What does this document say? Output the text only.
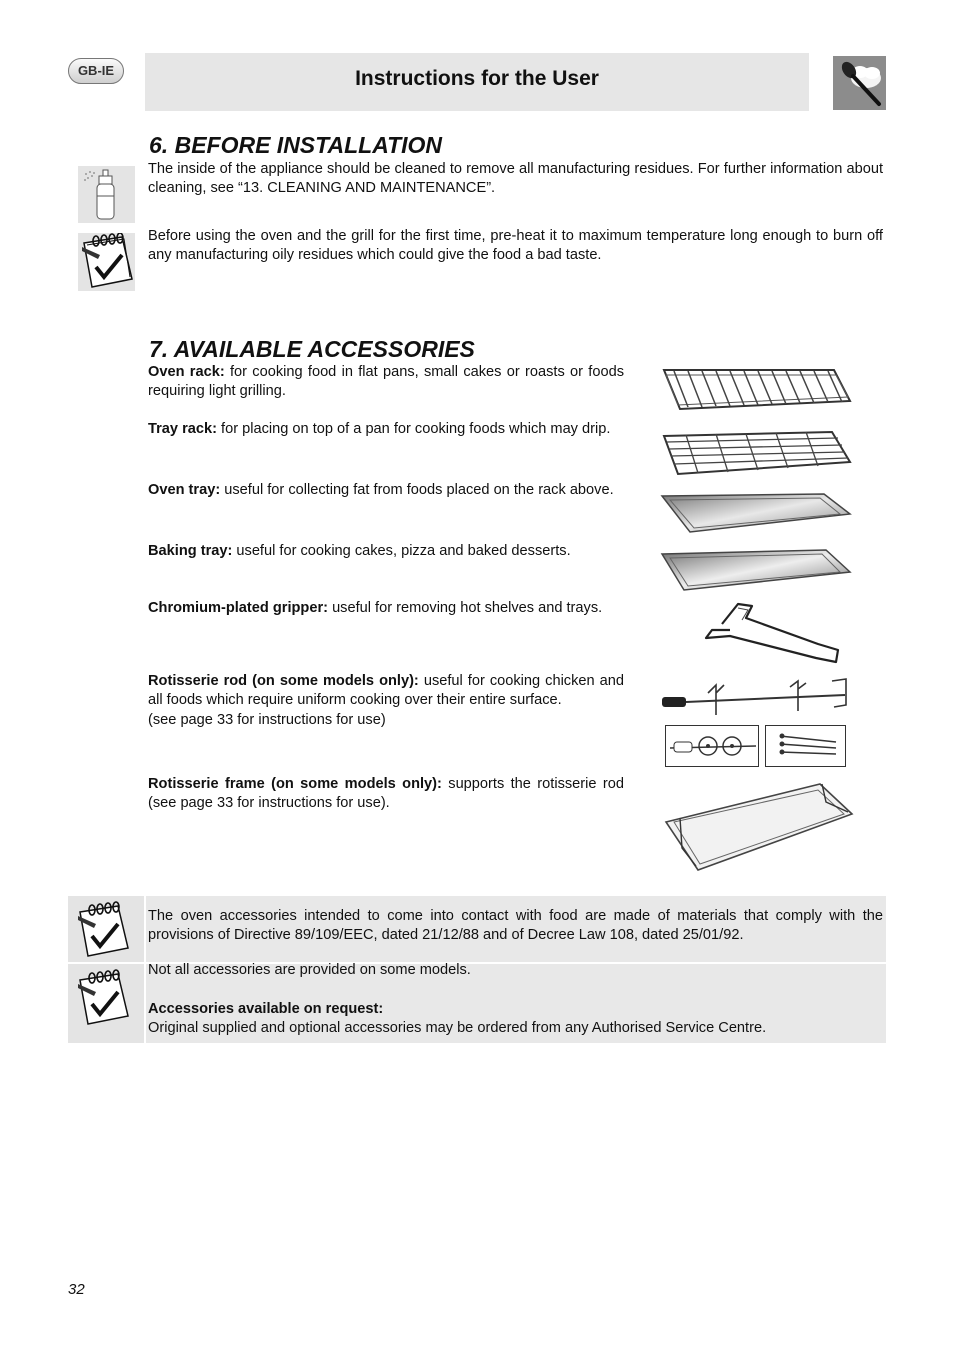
GB-IE	Instructions for the User
6. BEFORE INSTALLATION
The inside of the appliance should be cleaned to remove all manufacturing residues. For further information about cleaning, see “13. CLEANING AND MAINTENANCE”.
Before using the oven and the grill for the first time, pre-heat it to maximum temperature long enough to burn off any manufacturing oily residues which could give the food a bad taste.
7. AVAILABLE ACCESSORIES
Oven rack: for cooking food in flat pans, small cakes or roasts or foods requiring light grilling.
Tray rack: for placing on top of a pan for cooking foods which may drip.
Oven tray: useful for collecting fat from foods placed on the rack above.
Baking tray: useful for cooking cakes, pizza and baked desserts.
Chromium-plated gripper: useful for removing hot shelves and trays.
Rotisserie rod (on some models only): useful for cooking chicken and all foods which require uniform cooking over their entire surface.
(see page 33 for instructions for use)
Rotisserie frame (on some models only): supports the rotisserie rod (see page 33 for instructions for use).
The oven accessories intended to come into contact with food are made of materials that comply with the provisions of Directive 89/109/EEC, dated 21/12/88 and of Decree Law 108, dated 25/01/92.
Not all accessories are provided on some models.
Accessories available on request:
Original supplied and optional accessories may be ordered from any Authorised Service Centre.
32
